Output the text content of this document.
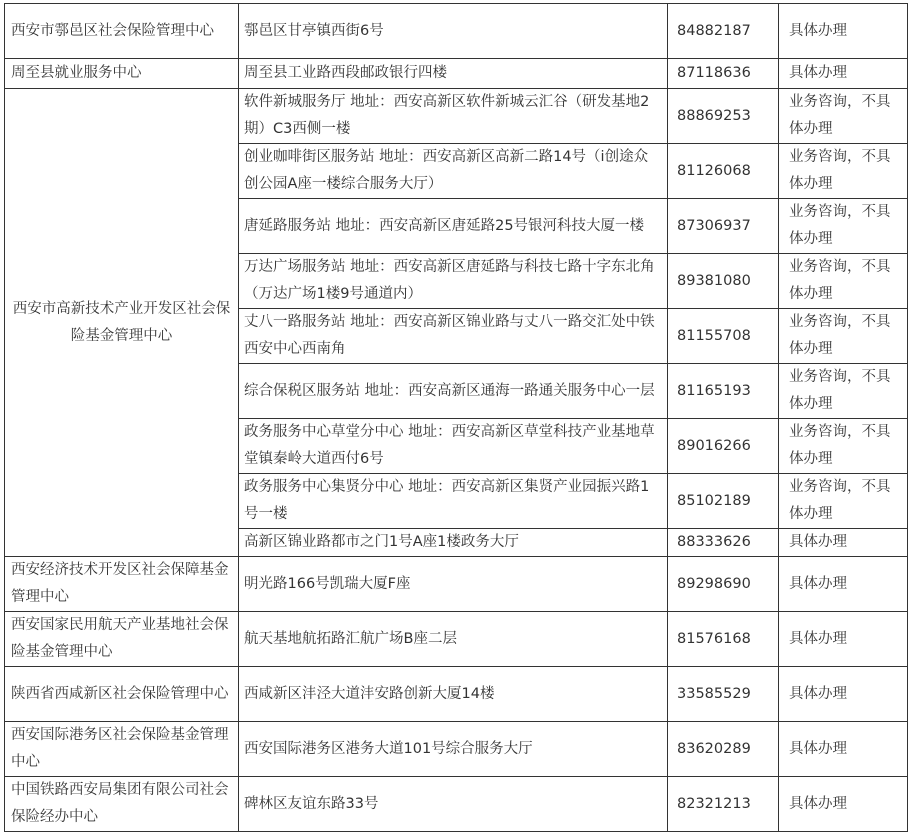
西安市鄠邑区社会保险管理中心	鄠邑区甘亭镇西街6号	84882187	具体办理
周至县就业服务中心	周至县工业路西段邮政银行四楼	87118636	具体办理
西安市高新技术产业开发区社会保险基金管理中心	软件新城服务厅 地址：西安高新区软件新城云汇谷（研发基地2期）C3西侧一楼	88869253	业务咨询，不具体办理
	创业咖啡街区服务站 地址：西安高新区高新二路14号（i创途众创公园A座一楼综合服务大厅）	81126068	业务咨询，不具体办理
	唐延路服务站 地址：西安高新区唐延路25号银河科技大厦一楼	87306937	业务咨询，不具体办理
	万达广场服务站 地址：西安高新区唐延路与科技七路十字东北角（万达广场1楼9号通道内）	89381080	业务咨询，不具体办理
	丈八一路服务站 地址：西安高新区锦业路与丈八一路交汇处中铁西安中心西南角	81155708	业务咨询，不具体办理
	综合保税区服务站 地址：西安高新区通海一路通关服务中心一层	81165193	业务咨询，不具体办理
	政务服务中心草堂分中心 地址：西安高新区草堂科技产业基地草堂镇秦岭大道西付6号	89016266	业务咨询，不具体办理
	政务服务中心集贤分中心 地址：西安高新区集贤产业园振兴路1号一楼	85102189	业务咨询，不具体办理
	高新区锦业路都市之门1号A座1楼政务大厅	88333626	具体办理
西安经济技术开发区社会保障基金管理中心	明光路166号凯瑞大厦F座	89298690	具体办理
西安国家民用航天产业基地社会保险基金管理中心	航天基地航拓路汇航广场B座二层	81576168	具体办理
陕西省西咸新区社会保险管理中心	西咸新区沣泾大道沣安路创新大厦14楼	33585529	具体办理
西安国际港务区社会保险基金管理中心	西安国际港务区港务大道101号综合服务大厅	83620289	具体办理
中国铁路西安局集团有限公司社会保险经办中心	碑林区友谊东路33号	82321213	具体办理
